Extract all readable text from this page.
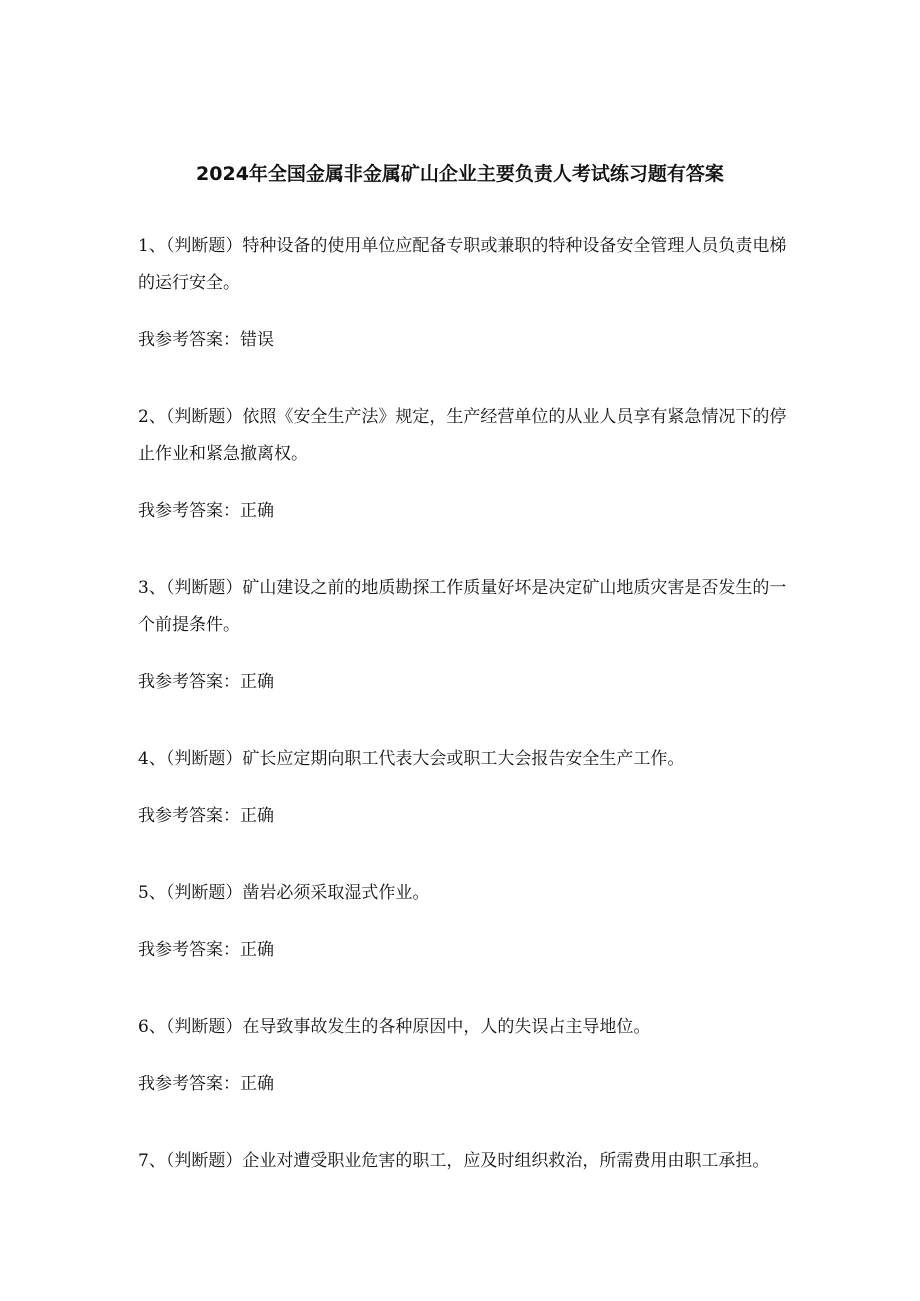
2024年全国金属非金属矿山企业主要负责人考试练习题有答案

1、（判断题）特种设备的使用单位应配备专职或兼职的特种设备安全管理人员负责电梯的运行安全。

我参考答案：错误

2、（判断题）依照《安全生产法》规定，生产经营单位的从业人员享有紧急情况下的停止作业和紧急撤离权。

我参考答案：正确

3、（判断题）矿山建设之前的地质勘探工作质量好坏是决定矿山地质灾害是否发生的一个前提条件。

我参考答案：正确

4、（判断题）矿长应定期向职工代表大会或职工大会报告安全生产工作。

我参考答案：正确

5、（判断题）凿岩必须采取湿式作业。

我参考答案：正确

6、（判断题）在导致事故发生的各种原因中，人的失误占主导地位。

我参考答案：正确

7、（判断题）企业对遭受职业危害的职工，应及时组织救治，所需费用由职工承担。
